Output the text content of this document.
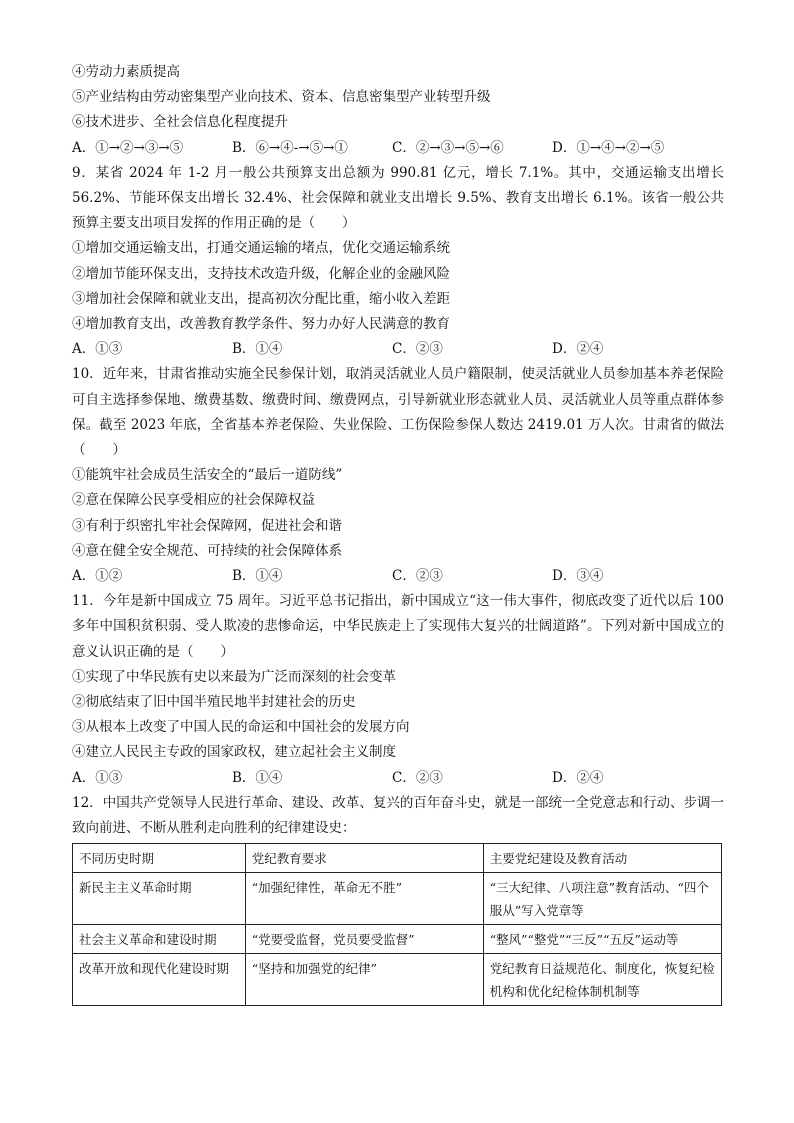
④劳动力素质提高

⑤产业结构由劳动密集型产业向技术、资本、信息密集型产业转型升级

⑥技术进步、全社会信息化程度提升

A．①→②→③→⑤	B．⑥→④-→⑤→①	C．②→③→⑤→⑥	D．①→④→②→⑤

9．某省 2024 年 1-2 月一般公共预算支出总额为 990.81 亿元，增长 7.1%。其中，交通运输支出增长 56.2%、节能环保支出增长 32.4%、社会保障和就业支出增长 9.5%、教育支出增长 6.1%。该省一般公共预算主要支出项目发挥的作用正确的是（　　）

①增加交通运输支出，打通交通运输的堵点，优化交通运输系统

②增加节能环保支出，支持技术改造升级，化解企业的金融风险

③增加社会保障和就业支出，提高初次分配比重，缩小收入差距

④增加教育支出，改善教育教学条件、努力办好人民满意的教育

A．①③	B．①④	C．②③	D．②④

10．近年来，甘肃省推动实施全民参保计划，取消灵活就业人员户籍限制，使灵活就业人员参加基本养老保险可自主选择参保地、缴费基数、缴费时间、缴费网点，引导新就业形态就业人员、灵活就业人员等重点群体参保。截至 2023 年底，全省基本养老保险、失业保险、工伤保险参保人数达 2419.01 万人次。甘肃省的做法（　　）

①能筑牢社会成员生活安全的“最后一道防线”

②意在保障公民享受相应的社会保障权益

③有利于织密扎牢社会保障网，促进社会和谐

④意在健全安全规范、可持续的社会保障体系

A．①②	B．①④	C．②③	D．③④

11．今年是新中国成立 75 周年。习近平总书记指出，新中国成立“这一伟大事件，彻底改变了近代以后 100 多年中国积贫积弱、受人欺凌的悲惨命运，中华民族走上了实现伟大复兴的壮阔道路”。下列对新中国成立的意义认识正确的是（　　）

①实现了中华民族有史以来最为广泛而深刻的社会变革

②彻底结束了旧中国半殖民地半封建社会的历史

③从根本上改变了中国人民的命运和中国社会的发展方向

④建立人民民主专政的国家政权，建立起社会主义制度

A．①③	B．①④	C．②③	D．②④

12．中国共产党领导人民进行革命、建设、改革、复兴的百年奋斗史，就是一部统一全党意志和行动、步调一致向前进、不断从胜利走向胜利的纪律建设史：

不同历史时期	党纪教育要求	主要党纪建设及教育活动
新民主主义革命时期	“加强纪律性，革命无不胜”	“三大纪律、八项注意”教育活动、“四个服从”写入党章等
社会主义革命和建设时期	“党要受监督，党员要受监督”	“整风”“整党”“三反”“五反”运动等
改革开放和现代化建设时期	“坚持和加强党的纪律”	党纪教育日益规范化、制度化，恢复纪检机构和优化纪检体制机制等
